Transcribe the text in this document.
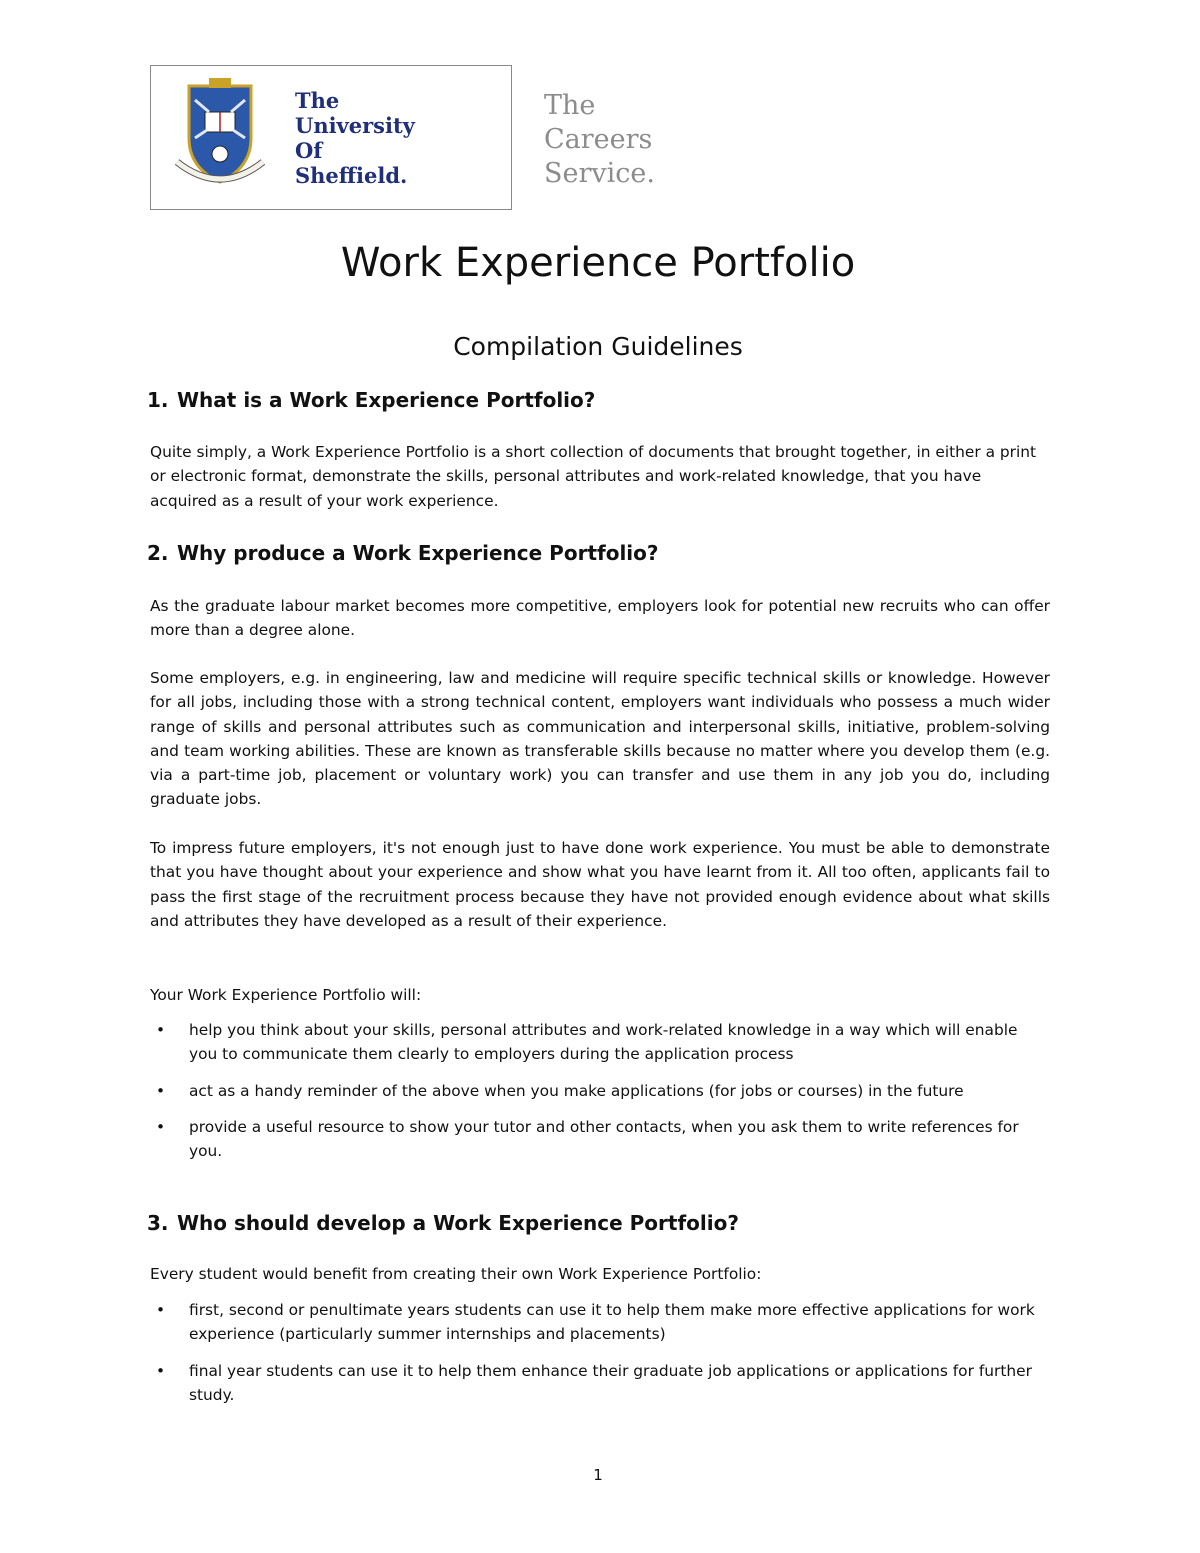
The
University
Of
Sheffield.
The
Careers
Service.
Work Experience Portfolio
Compilation Guidelines
1. What is a Work Experience Portfolio?
Quite simply, a Work Experience Portfolio is a short collection of documents that brought together, in either a print or electronic format, demonstrate the skills, personal attributes and work-related knowledge, that you have acquired as a result of your work experience.
2. Why produce a Work Experience Portfolio?
As the graduate labour market becomes more competitive, employers look for potential new recruits who can offer more than a degree alone.
Some employers, e.g. in engineering, law and medicine will require specific technical skills or knowledge. However for all jobs, including those with a strong technical content, employers want individuals who possess a much wider range of skills and personal attributes such as communication and interpersonal skills, initiative, problem-solving and team working abilities. These are known as transferable skills because no matter where you develop them (e.g. via a part-time job, placement or voluntary work) you can transfer and use them in any job you do, including graduate jobs.
To impress future employers, it's not enough just to have done work experience. You must be able to demonstrate that you have thought about your experience and show what you have learnt from it. All too often, applicants fail to pass the first stage of the recruitment process because they have not provided enough evidence about what skills and attributes they have developed as a result of their experience.
Your Work Experience Portfolio will:
• help you think about your skills, personal attributes and work-related knowledge in a way which will enable you to communicate them clearly to employers during the application process
• act as a handy reminder of the above when you make applications (for jobs or courses) in the future
• provide a useful resource to show your tutor and other contacts, when you ask them to write references for you.
3. Who should develop a Work Experience Portfolio?
Every student would benefit from creating their own Work Experience Portfolio:
• first, second or penultimate years students can use it to help them make more effective applications for work experience (particularly summer internships and placements)
• final year students can use it to help them enhance their graduate job applications or applications for further study.
1
